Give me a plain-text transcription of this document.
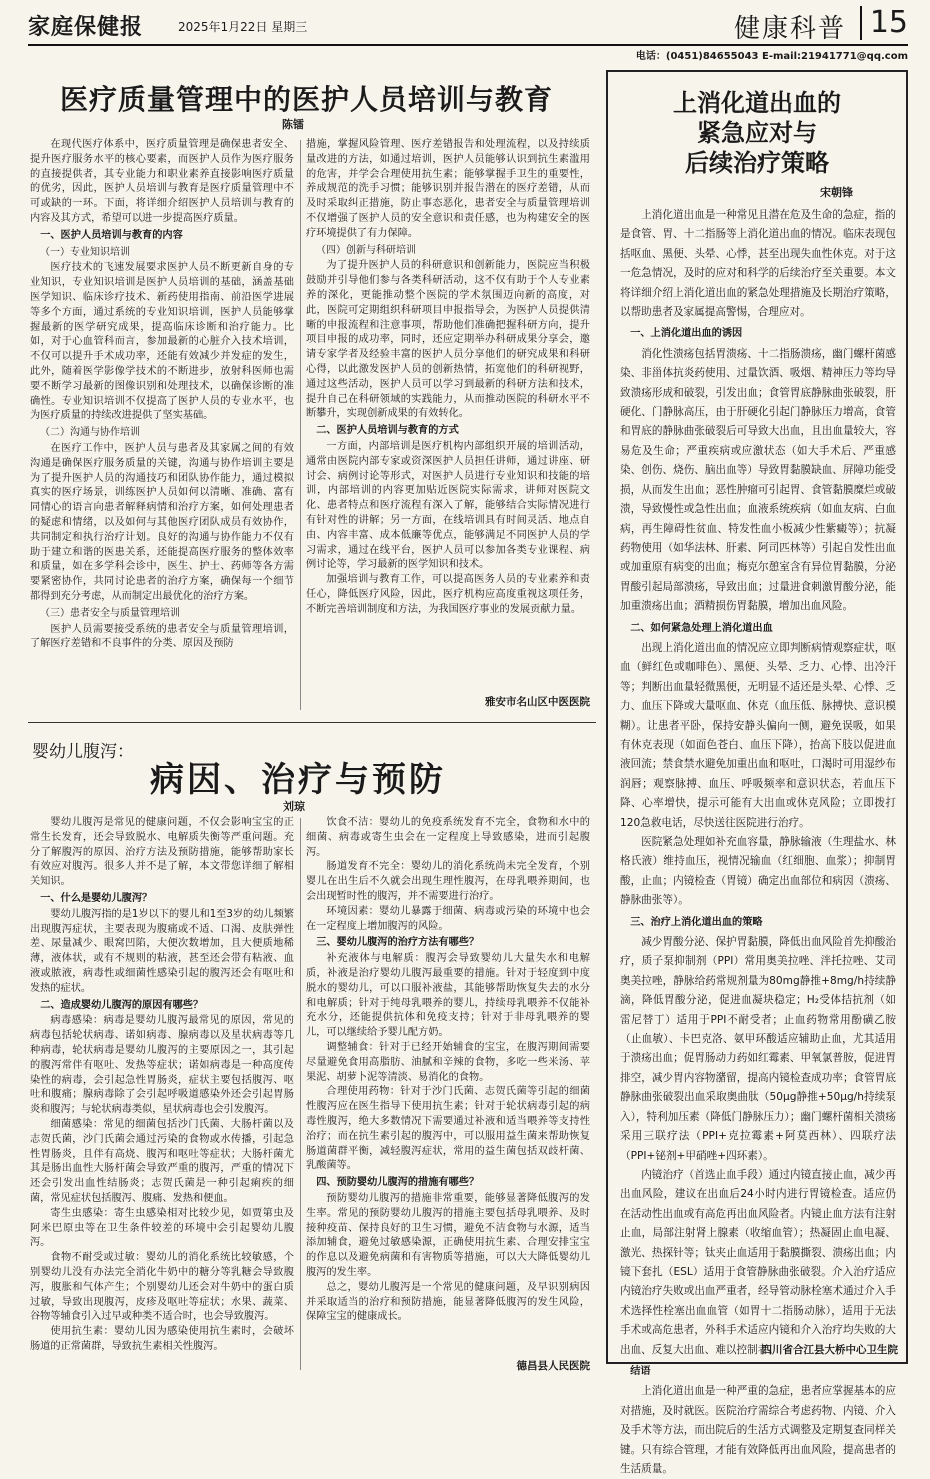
家庭保健报	2025年1月22日 星期三	健康科普 15
电话：(0451)84655043 E-mail:21941771@qq.com
医疗质量管理中的医护人员培训与教育
陈镭

在现代医疗体系中，医疗质量管理是确保患者安全、提升医疗服务水平的核心要素，而医护人员作为医疗服务的直接提供者，其专业能力和职业素养直接影响医疗质量的优劣，因此，医护人员培训与教育是医疗质量管理中不可或缺的一环。下面，将详细介绍医护人员培训与教育的内容及其方式，希望可以进一步提高医疗质量。

一、医护人员培训与教育的内容
（一）专业知识培训

医疗技术的飞速发展要求医护人员不断更新自身的专业知识，专业知识培训是医护人员培训的基础，涵盖基础医学知识、临床诊疗技术、新药使用指南、前沿医学进展等多个方面，通过系统的专业知识培训，医护人员能够掌握最新的医学研究成果，提高临床诊断和治疗能力。比如，对于心血管科而言，参加最新的心脏介入技术培训，不仅可以提升手术成功率，还能有效减少并发症的发生，此外，随着医学影像学技术的不断进步，放射科医师也需要不断学习最新的图像识别和处理技术，以确保诊断的准确性。专业知识培训不仅提高了医护人员的专业水平，也为医疗质量的持续改进提供了坚实基础。

（二）沟通与协作培训

在医疗工作中，医护人员与患者及其家属之间的有效沟通是确保医疗服务质量的关键，沟通与协作培训主要是为了提升医护人员的沟通技巧和团队协作能力，通过模拟真实的医疗场景，训练医护人员如何以清晰、准确、富有同情心的语言向患者解释病情和治疗方案，如何处理患者的疑虑和情绪，以及如何与其他医疗团队成员有效协作，共同制定和执行治疗计划。良好的沟通与协作能力不仅有助于建立和谐的医患关系，还能提高医疗服务的整体效率和质量，如在多学科会诊中，医生、护士、药师等各方需要紧密协作，共同讨论患者的治疗方案，确保每一个细节都得到充分考虑，从而制定出最优化的治疗方案。

（三）患者安全与质量管理培训

医护人员需要接受系统的患者安全与质量管理培训，了解医疗差错和不良事件的分类、原因及预防

措施，掌握风险管理、医疗差错报告和处理流程，以及持续质量改进的方法，如通过培训，医护人员能够认识到抗生素滥用的危害，并学会合理使用抗生素；能够掌握手卫生的重要性，养成规范的洗手习惯；能够识别并报告潜在的医疗差错，从而及时采取纠正措施，防止事态恶化，患者安全与质量管理培训不仅增强了医护人员的安全意识和责任感，也为构建安全的医疗环境提供了有力保障。

（四）创新与科研培训

为了提升医护人员的科研意识和创新能力，医院应当积极鼓励并引导他们参与各类科研活动，这不仅有助于个人专业素养的深化，更能推动整个医院的学术氛围迈向新的高度，对此，医院可定期组织科研项目申报指导会，为医护人员提供清晰的申报流程和注意事项，帮助他们准确把握科研方向，提升项目申报的成功率，同时，还应定期举办科研成果分享会，邀请专家学者及经验丰富的医护人员分享他们的研究成果和科研心得，以此激发医护人员的创新热情，拓宽他们的科研视野，通过这些活动，医护人员可以学习到最新的科研方法和技术，提升自己在科研领域的实践能力，从而推动医院的科研水平不断攀升，实现创新成果的有效转化。

二、医护人员培训与教育的方式

一方面，内部培训是医疗机构内部组织开展的培训活动，通常由医院内部专家或资深医护人员担任讲师，通过讲座、研讨会、病例讨论等形式，对医护人员进行专业知识和技能的培训，内部培训的内容更加贴近医院实际需求，讲师对医院文化、患者特点和医疗流程有深入了解，能够结合实际情况进行有针对性的讲解；另一方面，在线培训具有时间灵活、地点自由、内容丰富、成本低廉等优点，能够满足不同医护人员的学习需求，通过在线平台，医护人员可以参加各类专业课程、病例讨论等，学习最新的医学知识和技术。

加强培训与教育工作，可以提高医务人员的专业素养和责任心，降低医疗风险，因此，医疗机构应高度重视这项任务，不断完善培训制度和方法，为我国医疗事业的发展贡献力量。

雅安市名山区中医医院
婴幼儿腹泻：
病因、治疗与预防
刘琼

婴幼儿腹泻是常见的健康问题，不仅会影响宝宝的正常生长发育，还会导致脱水、电解质失衡等严重问题。充分了解腹泻的原因、治疗方法及预防措施，能够帮助家长有效应对腹泻。很多人并不是了解，本文带您详细了解相关知识。

一、什么是婴幼儿腹泻？

婴幼儿腹泻指的是1岁以下的婴儿和1至3岁的幼儿频繁出现腹泻症状，主要表现为腹痛或不适、口渴、皮肤弹性差、尿量减少、眼窝凹陷，大便次数增加，且大便质地稀薄，液体状，或有不规则的粘液，甚至还会带有粘液、血液或脓液，病毒性或细菌性感染引起的腹泻还会有呕吐和发热的症状。

二、造成婴幼儿腹泻的原因有哪些？

病毒感染：病毒是婴幼儿腹泻最常见的原因，常见的病毒包括轮状病毒、诺如病毒、腺病毒以及星状病毒等几种病毒，轮状病毒是婴幼儿腹泻的主要原因之一，其引起的腹泻常伴有呕吐、发热等症状；诺如病毒是一种高度传染性的病毒，会引起急性胃肠炎，症状主要包括腹泻、呕吐和腹痛；腺病毒除了会引起呼吸道感染外还会引起胃肠炎和腹泻；与轮状病毒类似，星状病毒也会引发腹泻。

细菌感染：常见的细菌包括沙门氏菌、大肠杆菌以及志贺氏菌，沙门氏菌会通过污染的食物或水传播，引起急性胃肠炎，且伴有高烧、腹泻和呕吐等症状；大肠杆菌尤其是肠出血性大肠杆菌会导致严重的腹泻，严重的情况下还会引发出血性结肠炎；志贺氏菌是一种引起痢疾的细菌，常见症状包括腹泻、腹痛、发热和便血。

寄生虫感染：寄生虫感染相对比较少见，如贾第虫及阿米巴原虫等在卫生条件较差的环境中会引起婴幼儿腹泻。

食物不耐受或过敏：婴幼儿的消化系统比较敏感，个别婴幼儿没有办法完全消化牛奶中的糖分等乳糖会导致腹泻，腹胀和气体产生；个别婴幼儿还会对牛奶中的蛋白质过敏，导致出现腹泻，皮疹及呕吐等症状；水果、蔬菜、谷物等辅食引入过早或种类不适合时，也会导致腹泻。

使用抗生素：婴幼儿因为感染使用抗生素时，会破坏肠道的正常菌群，导致抗生素相关性腹泻。

饮食不洁：婴幼儿的免疫系统发育不完全，食物和水中的细菌、病毒或寄生虫会在一定程度上导致感染，进而引起腹泻。

肠道发育不完全：婴幼儿的消化系统尚未完全发育，个别婴儿在出生后不久就会出现生理性腹泻，在母乳喂养期间，也会出现暂时性的腹泻，并不需要进行治疗。

环境因素：婴幼儿暴露于细菌、病毒或污染的环境中也会在一定程度上增加腹泻的风险。

三、婴幼儿腹泻的治疗方法有哪些？

补充液体与电解质：腹泻会导致婴幼儿大量失水和电解质，补液是治疗婴幼儿腹泻最重要的措施。针对于轻度到中度脱水的婴幼儿，可以口服补液盐，其能够帮助恢复失去的水分和电解质；针对于纯母乳喂养的婴儿，持续母乳喂养不仅能补充水分，还能提供抗体和免疫支持；针对于非母乳喂养的婴儿，可以继续给予婴儿配方奶。

调整辅食：针对于已经开始辅食的宝宝，在腹泻期间需要尽量避免食用高脂肪、油腻和辛辣的食物，多吃一些米汤、苹果泥、胡萝卜泥等清淡、易消化的食物。

合理使用药物：针对于沙门氏菌、志贺氏菌等引起的细菌性腹泻应在医生指导下使用抗生素；针对于轮状病毒引起的病毒性腹泻，绝大多数情况下需要通过补液和适当喂养等支持性治疗；而在抗生素引起的腹泻中，可以服用益生菌来帮助恢复肠道菌群平衡，减轻腹泻症状，常用的益生菌包括双歧杆菌、乳酸菌等。

四、预防婴幼儿腹泻的措施有哪些？

预防婴幼儿腹泻的措施非常重要，能够显著降低腹泻的发生率。常见的预防婴幼儿腹泻的措施主要包括母乳喂养、及时接种疫苗、保持良好的卫生习惯，避免不洁食物与水源，适当添加辅食，避免过敏感染源，正确使用抗生素、合理安排宝宝的作息以及避免病菌和有害物质等措施，可以大大降低婴幼儿腹泻的发生率。

总之，婴幼儿腹泻是一个常见的健康问题，及早识别病因并采取适当的治疗和预防措施，能显著降低腹泻的发生风险，保障宝宝的健康成长。

德昌县人民医院
上消化道出血的
紧急应对与
后续治疗策略
宋朝锋

上消化道出血是一种常见且潜在危及生命的急症，指的是食管、胃、十二指肠等上消化道出血的情况。临床表现包括呕血、黑便、头晕、心悸，甚至出现失血性休克。对于这一危急情况，及时的应对和科学的后续治疗至关重要。本文将详细介绍上消化道出血的紧急处理措施及长期治疗策略，以帮助患者及家属提高警惕，合理应对。

一、上消化道出血的诱因

消化性溃疡包括胃溃疡、十二指肠溃疡，幽门螺杆菌感染、非甾体抗炎药使用、过量饮酒、吸烟、精神压力等均导致溃疡形成和破裂，引发出血；食管胃底静脉曲张破裂，肝硬化、门静脉高压，由于肝硬化引起门静脉压力增高，食管和胃底的静脉曲张破裂后可导致大出血，且出血量较大，容易危及生命；严重疾病或应激状态（如大手术后、严重感染、创伤、烧伤、脑出血等）导致胃黏膜缺血、屏障功能受损，从而发生出血；恶性肿瘤可引起胃、食管黏膜糜烂或破溃，导致慢性或急性出血；血液系统疾病（如血友病、白血病，再生障碍性贫血、特发性血小板减少性紫癜等）；抗凝药物使用（如华法林、肝素、阿司匹林等）引起自发性出血或加重原有病变的出血；梅克尔憩室含有异位胃黏膜，分泌胃酸引起局部溃疡，导致出血；过量进食刺激胃酸分泌，能加重溃疡出血；酒精损伤胃黏膜，增加出血风险。

二、如何紧急处理上消化道出血

出现上消化道出血的情况应立即判断病情观察症状，呕血（鲜红色或咖啡色）、黑便、头晕、乏力、心悸、出冷汗等；判断出血量轻微黑便，无明显不适还是头晕、心悸、乏力、血压下降或大量呕血、休克（血压低、脉搏快、意识模糊）。让患者平卧，保持安静头偏向一侧，避免误吸，如果有休克表现（如面色苍白、血压下降），抬高下肢以促进血液回流；禁食禁水避免加重出血和呕吐，口渴时可用湿纱布润唇；观察脉搏、血压、呼吸频率和意识状态，若血压下降、心率增快，提示可能有大出血或休克风险；立即拨打120急救电话，尽快送往医院进行治疗。

医院紧急处理如补充血容量，静脉输液（生理盐水、林格氏液）维持血压，视情况输血（红细胞、血浆）；抑制胃酸，止血；内镜检查（胃镜）确定出血部位和病因（溃疡、静脉曲张等）。

三、治疗上消化道出血的策略

减少胃酸分泌、保护胃黏膜，降低出血风险首先抑酸治疗，质子泵抑制剂（PPI）常用奥美拉唑、泮托拉唑、艾司奥美拉唑，静脉给药常规剂量为80mg静推+8mg/h持续静滴，降低胃酸分泌，促进血凝块稳定；H₂受体拮抗剂（如雷尼替丁）适用于PPI不耐受者；止血药物常用酚磺乙胺（止血敏）、卡巴克洛、氨甲环酸适应辅助止血，尤其适用于溃疡出血；促胃肠动力药如红霉素、甲氧氯普胺，促进胃排空，减少胃内容物潴留，提高内镜检查成功率；食管胃底静脉曲张破裂出血采取奥曲肽（50μg静推+50μg/h持续泵入），特利加压素（降低门静脉压力）；幽门螺杆菌相关溃疡采用三联疗法（PPI+克拉霉素+阿莫西林）、四联疗法（PPI+铋剂+甲硝唑+四环素）。

内镜治疗（首选止血手段）通过内镜直接止血，减少再出血风险，建议在出血后24小时内进行胃镜检查。适应仍在活动性出血或有高危再出血风险者。内镜止血方法有注射止血，局部注射肾上腺素（收缩血管）；热凝固止血电凝、激光、热探针等；钛夹止血适用于黏膜撕裂、溃疡出血；内镜下套扎（ESL）适用于食管静脉曲张破裂。介入治疗适应内镜治疗失败或出血严重者，经导管动脉栓塞术通过介入手术选择性栓塞出血血管（如胃十二指肠动脉），适用于无法手术或高危患者，外科手术适应内镜和介入治疗均失败的大出血、反复大出血、难以控制者。

结语

上消化道出血是一种严重的急症，患者应掌握基本的应对措施，及时就医。医院治疗需综合考虑药物、内镜、介入及手术等方法，而出院后的生活方式调整及定期复查同样关键。只有综合管理，才能有效降低再出血风险，提高患者的生活质量。

四川省合江县大桥中心卫生院
